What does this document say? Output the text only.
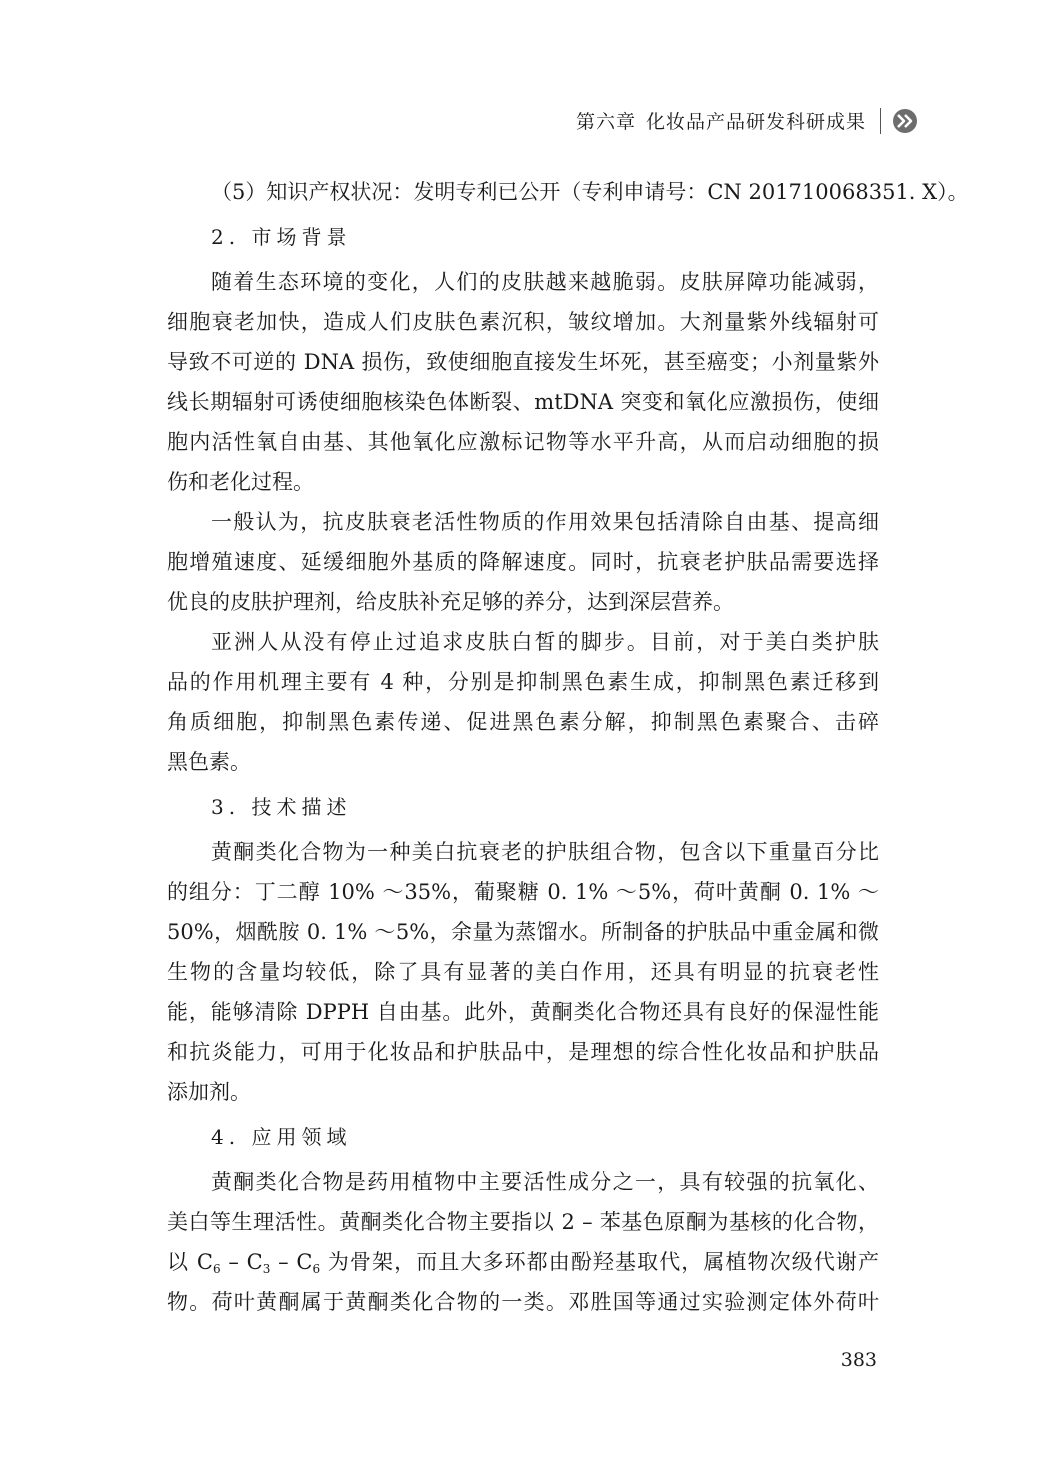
第六章 化妆品产品研发科研成果
（5）知识产权状况：发明专利已公开（专利申请号：CN 201710068351. X）。
2. 市场背景
随着生态环境的变化，人们的皮肤越来越脆弱。皮肤屏障功能减弱，
细胞衰老加快，造成人们皮肤色素沉积，皱纹增加。大剂量紫外线辐射可
导致不可逆的 DNA 损伤，致使细胞直接发生坏死，甚至癌变；小剂量紫外
线长期辐射可诱使细胞核染色体断裂、mtDNA 突变和氧化应激损伤，使细
胞内活性氧自由基、其他氧化应激标记物等水平升高，从而启动细胞的损
伤和老化过程。
一般认为，抗皮肤衰老活性物质的作用效果包括清除自由基、提高细
胞增殖速度、延缓细胞外基质的降解速度。同时，抗衰老护肤品需要选择
优良的皮肤护理剂，给皮肤补充足够的养分，达到深层营养。
亚洲人从没有停止过追求皮肤白皙的脚步。目前，对于美白类护肤
品的作用机理主要有 4 种，分别是抑制黑色素生成，抑制黑色素迁移到
角质细胞，抑制黑色素传递、促进黑色素分解，抑制黑色素聚合、击碎
黑色素。
3. 技术描述
黄酮类化合物为一种美白抗衰老的护肤组合物，包含以下重量百分比
的组分：丁二醇 10% ～35%，葡聚糖 0. 1% ～5%，荷叶黄酮 0. 1% ～
50%，烟酰胺 0. 1% ～5%，余量为蒸馏水。所制备的护肤品中重金属和微
生物的含量均较低，除了具有显著的美白作用，还具有明显的抗衰老性
能，能够清除 DPPH 自由基。此外，黄酮类化合物还具有良好的保湿性能
和抗炎能力，可用于化妆品和护肤品中，是理想的综合性化妆品和护肤品
添加剂。
4. 应用领域
黄酮类化合物是药用植物中主要活性成分之一，具有较强的抗氧化、
美白等生理活性。黄酮类化合物主要指以 2 – 苯基色原酮为基核的化合物，
以 $C_6 - C_3 - C_6$ 为骨架，而且大多环都由酚羟基取代，属植物次级代谢产
物。荷叶黄酮属于黄酮类化合物的一类。邓胜国等通过实验测定体外荷叶
383
